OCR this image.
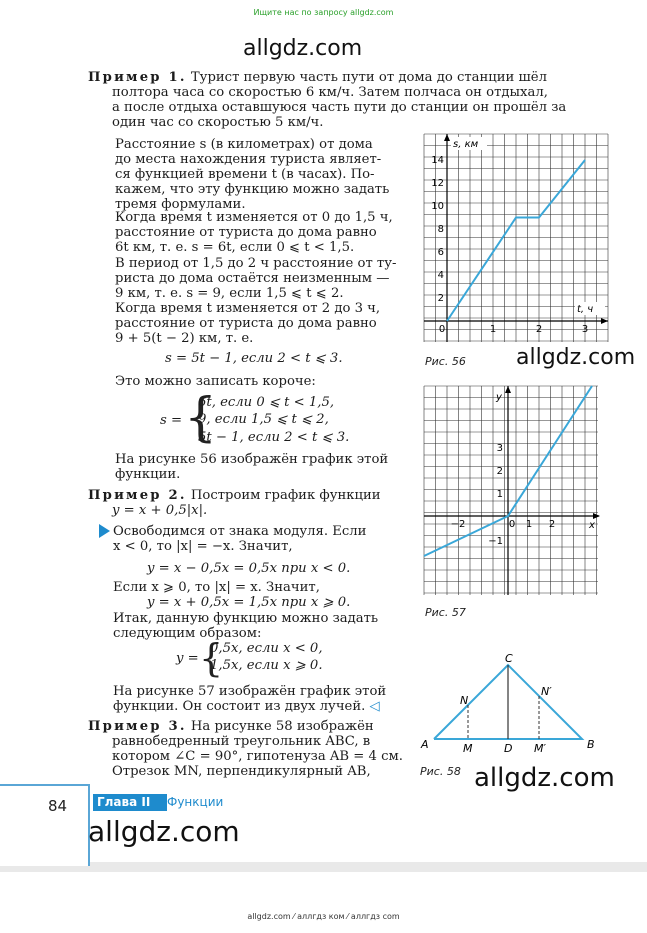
Ищите нас по запросу allgdz.com
allgdz.com
Пример 1. Турист первую часть пути от дома до станции шёл
полтора часа со скоростью 6 км/ч. Затем полчаса он отдыхал,
а после отдыха оставшуюся часть пути до станции он прошёл за
один час со скоростью 5 км/ч.
Расстояние s (в километрах) от дома
до места нахождения туриста являет-
ся функцией времени t (в часах). По-
кажем, что эту функцию можно задать
тремя формулами.
Когда время t изменяется от 0 до 1,5 ч,
расстояние от туриста до дома равно
6t км, т. е. s = 6t, если 0 ⩽ t < 1,5.
В период от 1,5 до 2 ч расстояние от ту-
риста до дома остаётся неизменным —
9 км, т. е. s = 9, если 1,5 ⩽ t ⩽ 2.
Когда время t изменяется от 2 до 3 ч,
расстояние от туриста до дома равно
9 + 5(t − 2) км, т. е.
s = 5t − 1, если 2 < t ⩽ 3.
Это можно записать короче:
s = {
6t, если 0 ⩽ t < 1,5,
9, если 1,5 ⩽ t ⩽ 2,
5t − 1, если 2 < t ⩽ 3.
На рисунке 56 изображён график этой
функции.
Пример 2. Построим график функции
y = x + 0,5|x|.
Освободимся от знака модуля. Если
x < 0, то |x| = −x. Значит,
y = x − 0,5x = 0,5x при x < 0.
Если x ⩾ 0, то |x| = x. Значит,
y = x + 0,5x = 1,5x при x ⩾ 0.
Итак, данную функцию можно задать
следующим образом:
y = {
0,5x, если x < 0,
1,5x, если x ⩾ 0.
На рисунке 57 изображён график этой
функции. Он состоит из двух лучей. ◁
Пример 3. На рисунке 58 изображён
равнобедренный треугольник ABC, в
котором ∠C = 90°, гипотенуза AB = 4 см.
Отрезок MN, перпендикулярный AB,
s, км
t, ч
2
4
6
8
10
12
14
0	1	2	3
Рис. 56 allgdz.com
y
x
1
2
3
−1
−2	0 1 2
Рис. 57
C
A	B
D
M	M′
N
N′
Рис. 58 allgdz.com
84	Глава II	Функции
allgdz.com
allgdz.com ⁄ аллгдз ком ⁄ аллгдз com
